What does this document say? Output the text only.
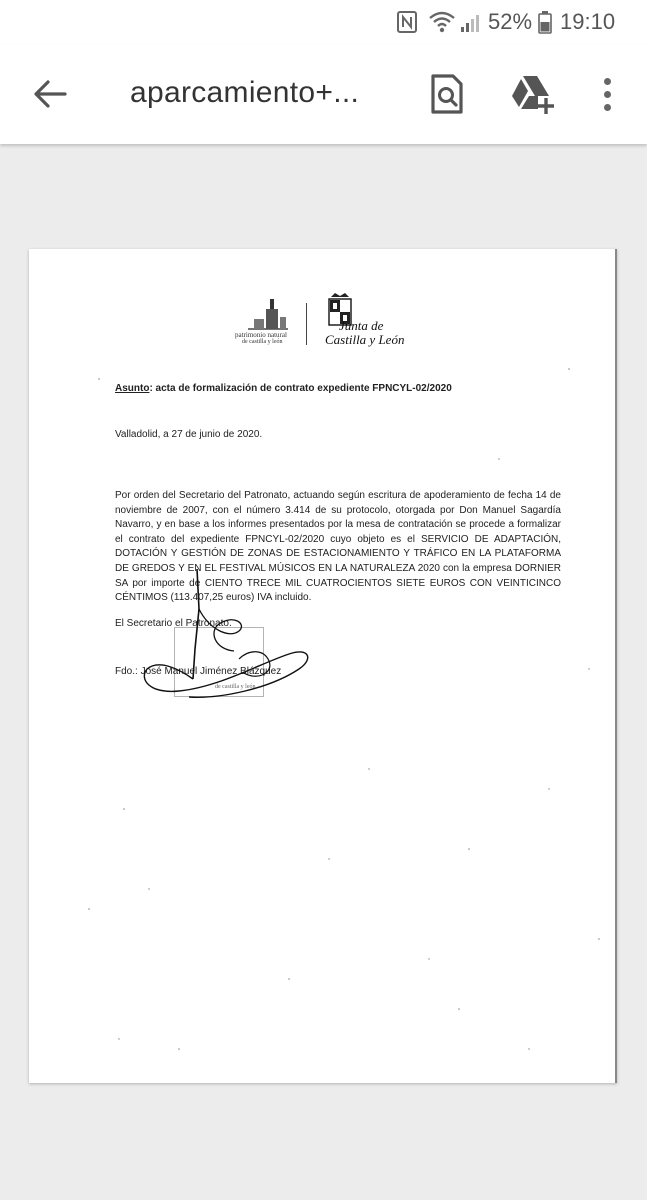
52% 19:10
aparcamiento+...
patrimonio natural
de castilla y león
Junta de
Castilla y León
Asunto: acta de formalización de contrato expediente FPNCYL-02/2020
Valladolid, a 27 de junio de 2020.
Por orden del Secretario del Patronato, actuando según escritura de apoderamiento de fecha 14 de noviembre de 2007, con el número 3.414 de su protocolo, otorgada por Don Manuel Sagardía Navarro, y en base a los informes presentados por la mesa de contratación se procede a formalizar el contrato del expediente FPNCYL-02/2020 cuyo objeto es el SERVICIO DE ADAPTACIÓN, DOTACIÓN Y GESTIÓN DE ZONAS DE ESTACIONAMIENTO Y TRÁFICO EN LA PLATAFORMA DE GREDOS Y EN EL FESTIVAL MÚSICOS EN LA NATURALEZA 2020 con la empresa DORNIER SA por importe de CIENTO TRECE MIL CUATROCIENTOS SIETE EUROS CON VEINTICINCO CÉNTIMOS (113.407,25 euros) IVA incluido.
El Secretario el Patronato.
de castilla y león
Fdo.: José Manuel Jiménez Blázquez
